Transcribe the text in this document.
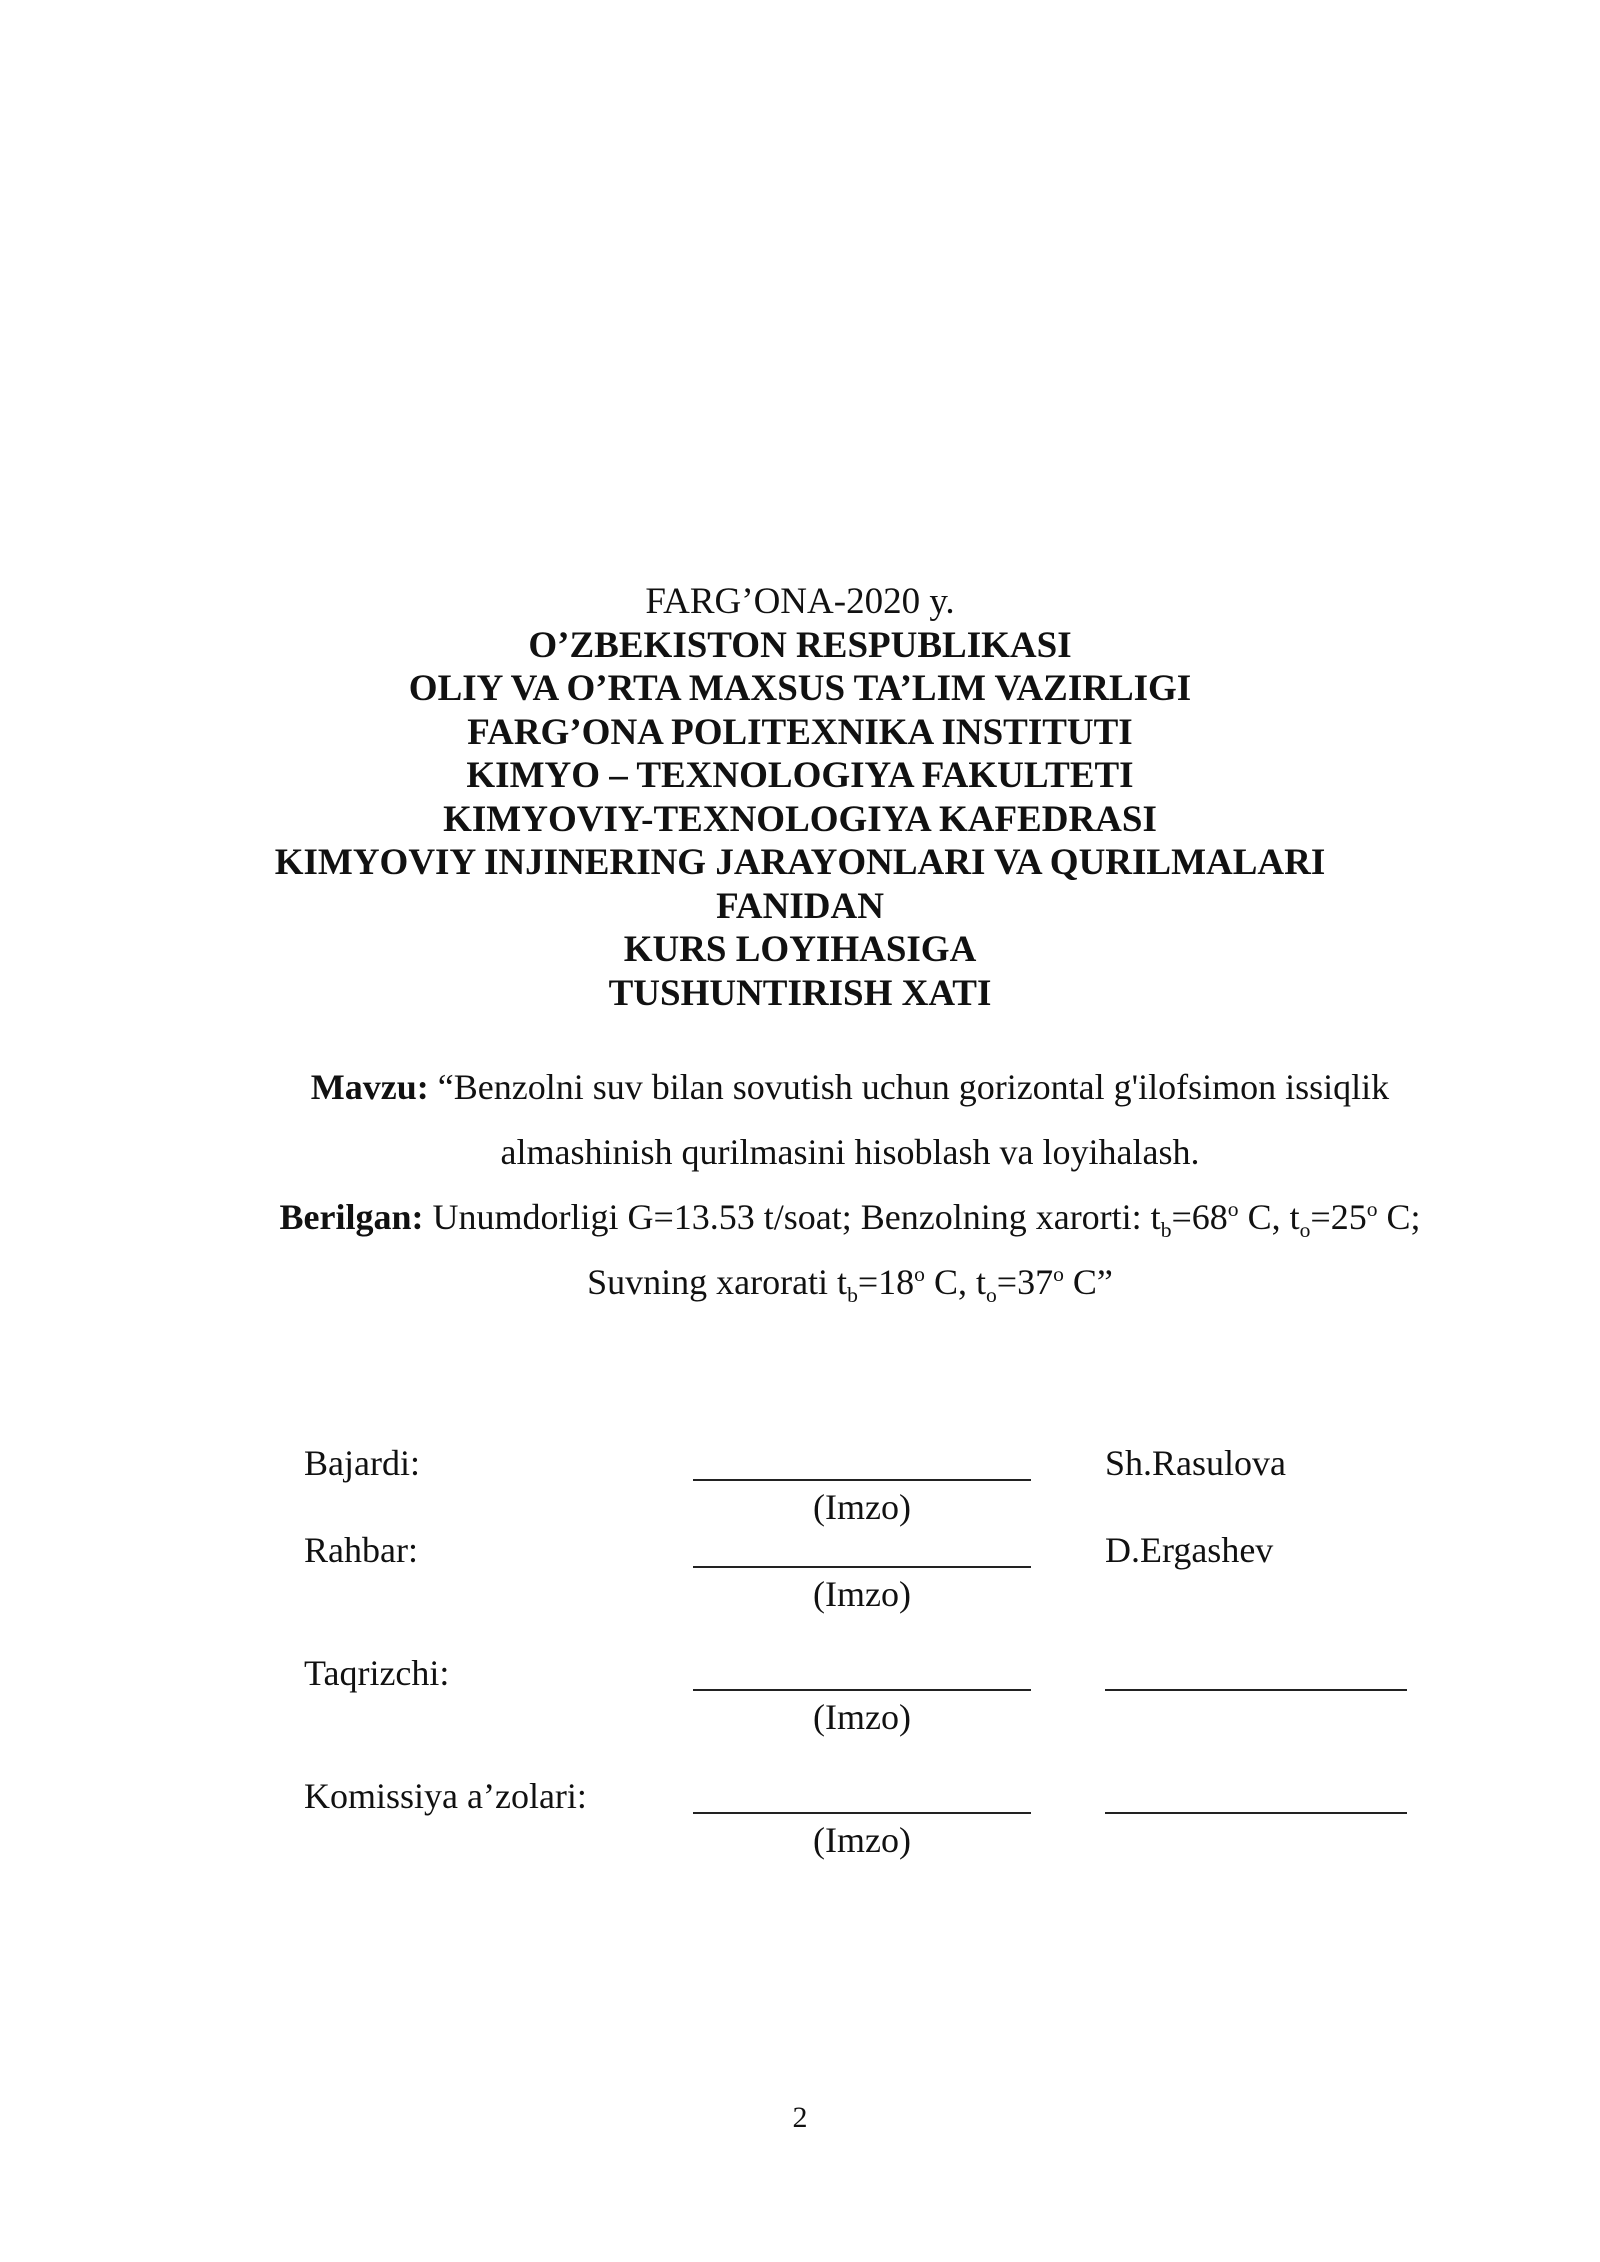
FARG’ONA-2020 y.

O’ZBEKISTON RESPUBLIKASI

OLIY VA O’RTA MAXSUS TA’LIM VAZIRLIGI

FARG’ONA POLITEXNIKA INSTITUTI

KIMYO – TEXNOLOGIYA FAKULTETI

KIMYOVIY-TEXNOLOGIYA KAFEDRASI

KIMYOVIY INJINERING JARAYONLARI VA QURILMALARI

FANIDAN

KURS LOYIHASIGA

TUSHUNTIRISH XATI

Mavzu: “Benzolni suv bilan sovutish uchun gorizontal g'ilofsimon issiqlik

almashinish qurilmasini hisoblash va loyihalash.

Berilgan: Unumdorligi G=13.53 t/soat; Benzolning xarorti: $t_b=68^o$ C, $t_o=25^o$ C;

Suvning xarorati $t_b=18^o$ C, $t_o=37^o$ C”

Bajardi:	Sh.Rasulova
(Imzo)
Rahbar:	D.Ergashev
(Imzo)
Taqrizchi:
(Imzo)
Komissiya a’zolari:
(Imzo)
2
